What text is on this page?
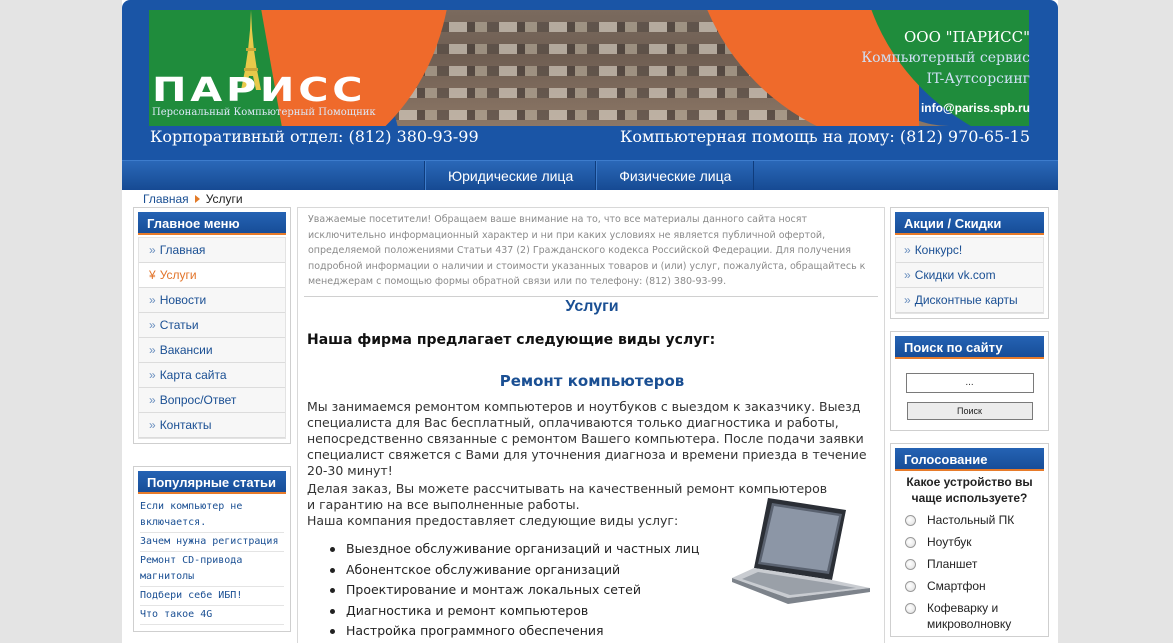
ПАРИСС
Персональный Компьютерный Помощник
ООО "ПАРИСС"
Компьютерный сервис
IT-Аутсорсинг
info@pariss.spb.ru
Корпоративный отдел: (812) 380-93-99	Компьютерная помощь на дому: (812) 970-65-15
Юридические лица	Физические лица
Главная Услуги
Главное меню
» Главная
¥ Услуги
» Новости
» Статьи
» Вакансии
» Карта сайта
» Вопрос/Ответ
» Контакты
Популярные статьи
Если компьютер не включается.
Зачем нужна регистрация
Ремонт CD-привода магнитолы
Подбери себе ИБП!
Что такое 4G
Уважаемые посетители! Обращаем ваше внимание на то, что все материалы данного сайта носят исключительно информационный характер и ни при каких условиях не является публичной офертой, определяемой положениями Статьи 437 (2) Гражданского кодекса Российской Федерации. Для получения подробной информации о наличии и стоимости указанных товаров и (или) услуг, пожалуйста, обращайтесь к менеджерам с помощью формы обратной связи или по телефону: (812) 380-93-99.
Услуги
Наша фирма предлагает следующие виды услуг:
Ремонт компьютеров
Мы занимаемся ремонтом компьютеров и ноутбуков с выездом к заказчику. Выезд специалиста для Вас бесплатный, оплачиваются только диагностика и работы, непосредственно связанные с ремонтом Вашего компьютера. После подачи заявки специалист свяжется с Вами для уточнения диагноза и времени приезда в течение 20-30 минут!
Делая заказ, Вы можете рассчитывать на качественный ремонт компьютеров и гарантию на все выполненные работы.
Наша компания предоставляет следующие виды услуг:
Выездное обслуживание организаций и частных лиц
Абонентское обслуживание организаций
Проектирование и монтаж локальных сетей
Диагностика и ремонт компьютеров
Настройка программного обеспечения
Акции / Скидки
» Конкурс!
» Скидки vk.com
» Дисконтные карты
Поиск по сайту
...
Поиск
Голосование
Какое устройство вы чаще используете?
Настольный ПК
Ноутбук
Планшет
Смартфон
Кофеварку и микроволновку
